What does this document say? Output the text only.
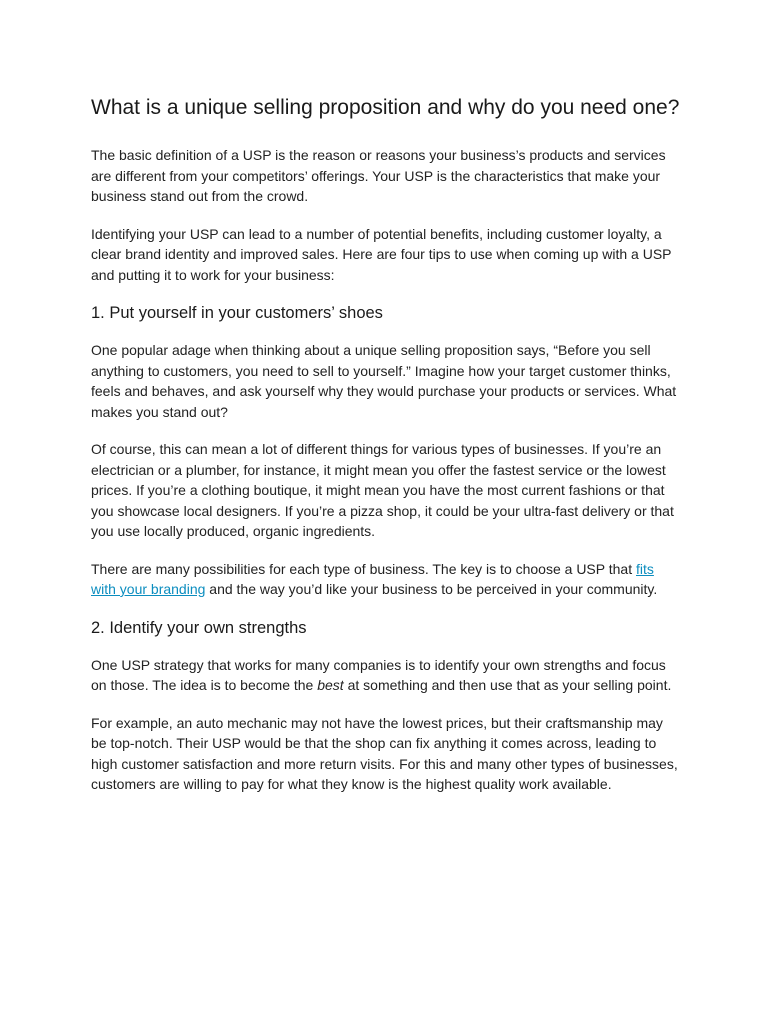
What is a unique selling proposition and why do you need one?

The basic definition of a USP is the reason or reasons your business’s products and services are different from your competitors’ offerings. Your USP is the characteristics that make your business stand out from the crowd.

Identifying your USP can lead to a number of potential benefits, including customer loyalty, a clear brand identity and improved sales. Here are four tips to use when coming up with a USP and putting it to work for your business:

1. Put yourself in your customers’ shoes

One popular adage when thinking about a unique selling proposition says, “Before you sell anything to customers, you need to sell to yourself.” Imagine how your target customer thinks, feels and behaves, and ask yourself why they would purchase your products or services. What makes you stand out?

Of course, this can mean a lot of different things for various types of businesses. If you’re an electrician or a plumber, for instance, it might mean you offer the fastest service or the lowest prices. If you’re a clothing boutique, it might mean you have the most current fashions or that you showcase local designers. If you’re a pizza shop, it could be your ultra-fast delivery or that you use locally produced, organic ingredients.

There are many possibilities for each type of business. The key is to choose a USP that fits with your branding and the way you’d like your business to be perceived in your community.

2. Identify your own strengths

One USP strategy that works for many companies is to identify your own strengths and focus on those. The idea is to become the best at something and then use that as your selling point.

For example, an auto mechanic may not have the lowest prices, but their craftsmanship may be top-notch. Their USP would be that the shop can fix anything it comes across, leading to high customer satisfaction and more return visits. For this and many other types of businesses, customers are willing to pay for what they know is the highest quality work available.
